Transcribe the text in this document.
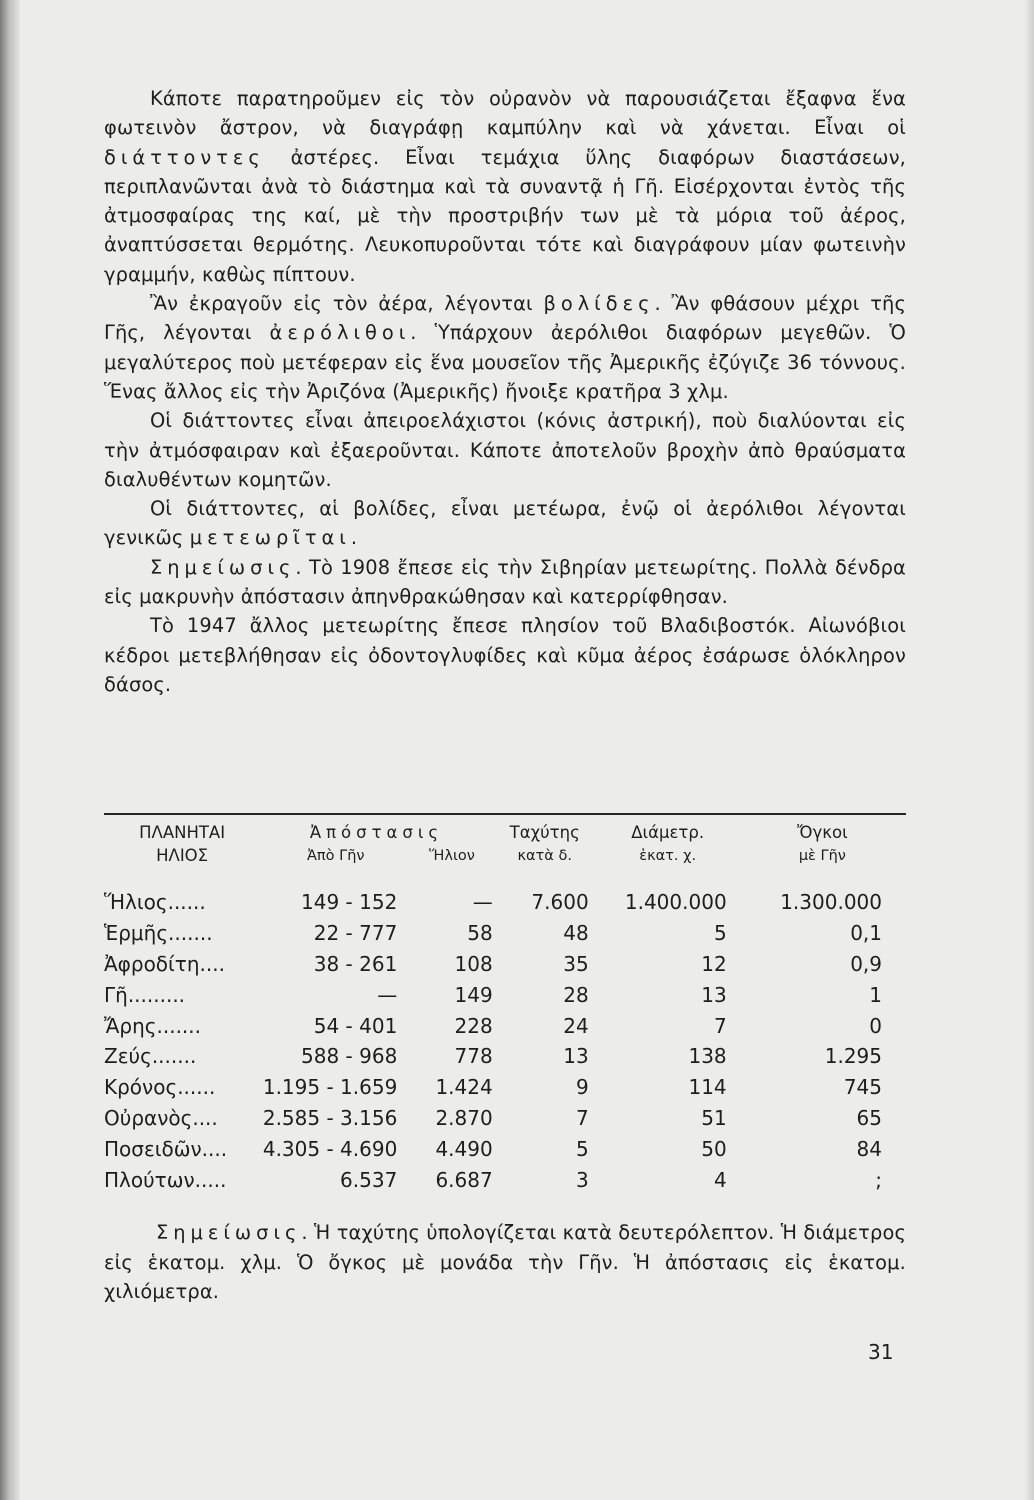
Κάποτε παρατηροῦμεν εἰς τὸν οὐρανὸν νὰ παρουσιάζεται ἔξαφνα ἕνα φωτεινὸν ἄστρον, νὰ διαγράφῃ καμπύλην καὶ νὰ χάνεται. Εἶναι οἱ διάττοντες ἀστέρες. Εἶναι τεμάχια ὕλης διαφόρων διαστάσεων, περιπλανῶνται ἀνὰ τὸ διάστημα καὶ τὰ συναντᾷ ἡ Γῆ. Εἰσέρχονται ἐντὸς τῆς ἀτμοσφαίρας της καί, μὲ τὴν προστριβήν των μὲ τὰ μόρια τοῦ ἀέρος, ἀναπτύσσεται θερμότης. Λευκοπυροῦνται τότε καὶ διαγράφουν μίαν φωτεινὴν γραμμήν, καθὼς πίπτουν.

Ἂν ἐκραγοῦν εἰς τὸν ἀέρα, λέγονται βολίδες. Ἂν φθάσουν μέχρι τῆς Γῆς, λέγονται ἀερόλιθοι. Ὑπάρχουν ἀερόλιθοι διαφόρων μεγεθῶν. Ὁ μεγαλύτερος ποὺ μετέφεραν εἰς ἕνα μουσεῖον τῆς Ἀμερικῆς ἐζύγιζε 36 τόννους. Ἕνας ἄλλος εἰς τὴν Ἀριζόνα (Ἀμερικῆς) ἤνοιξε κρατῆρα 3 χλμ.

Οἱ διάττοντες εἶναι ἀπειροελάχιστοι (κόνις ἀστρική), ποὺ διαλύονται εἰς τὴν ἀτμόσφαιραν καὶ ἐξαεροῦνται. Κάποτε ἀποτελοῦν βροχὴν ἀπὸ θραύσματα διαλυθέντων κομητῶν.

Οἱ διάττοντες, αἱ βολίδες, εἶναι μετέωρα, ἐνῷ οἱ ἀερόλιθοι λέγονται γενικῶς μετεωρῖται.

Σημείωσις. Τὸ 1908 ἔπεσε εἰς τὴν Σιβηρίαν μετεωρίτης. Πολλὰ δένδρα εἰς μακρυνὴν ἀπόστασιν ἀπηνθρακώθησαν καὶ κατερρίφθησαν.

Τὸ 1947 ἄλλος μετεωρίτης ἔπεσε πλησίον τοῦ Βλαδιβοστόκ. Αἰωνόβιοι κέδροι μετεβλήθησαν εἰς ὀδοντογλυφίδες καὶ κῦμα ἀέρος ἐσάρωσε ὁλόκληρον δάσος.

ΠΛΑΝΗΤΑΙ	Ἀπόστασις		Ταχύτης	Διάμετρ.	Ὄγκοι
ΗΛΙΟΣ	Ἀπὸ Γῆν	Ἥλιον	κατὰ δ.	ἑκατ. χ.	μὲ Γῆν
Ἥλιος......	149 - 152	—	7.600	1.400.000	1.300.000
Ἑρμῆς.......	22 - 777	58	48	5	0,1
Ἀφροδίτη....	38 - 261	108	35	12	0,9
Γῆ.........	—	149	28	13	1
Ἄρης.......	54 - 401	228	24	7	0
Ζεύς.......	588 - 968	778	13	138	1.295
Κρόνος......	1.195 - 1.659	1.424	9	114	745
Οὐρανὸς....	2.585 - 3.156	2.870	7	51	65
Ποσειδῶν....	4.305 - 4.690	4.490	5	50	84
Πλούτων.....	6.537	6.687	3	4	;

Σημείωσις. Ἡ ταχύτης ὑπολογίζεται κατὰ δευτερόλεπτον. Ἡ διάμετρος εἰς ἑκατομ. χλμ. Ὁ ὄγκος μὲ μονάδα τὴν Γῆν. Ἡ ἀπόστασις εἰς ἑκατομ. χιλιόμετρα.

31
